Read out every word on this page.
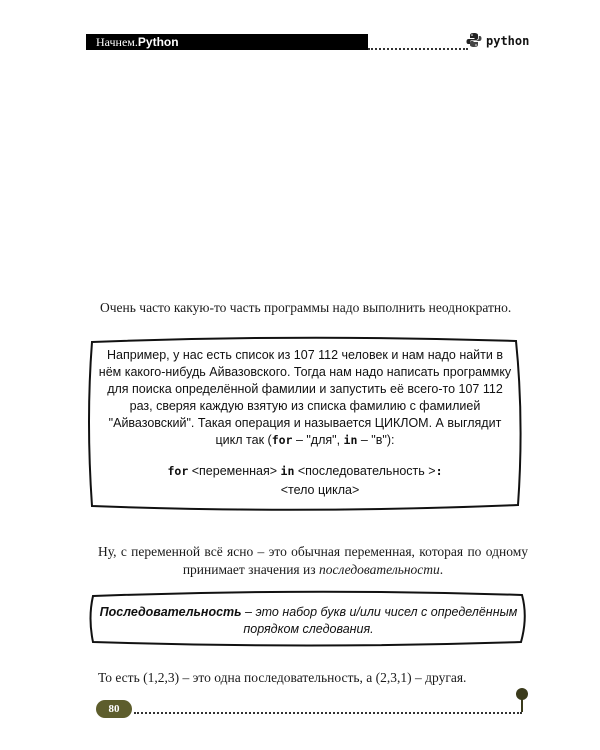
Начнем.Python	python
Очень часто какую-то часть программы надо выполнить неоднократно.
Например, у нас есть список из 107 112 человек и нам надо найти в нём какого-нибудь Айвазовского. Тогда нам надо написать программку для поиска определённой фамилии и запустить её всего-то 107 112 раз, сверяя каждую взятую из списка фамилию с фамилией "Айвазовский". Такая операция и называется ЦИКЛОМ. А выглядит цикл так (for – "для", in – "в"):
for <переменная> in <последовательность >:
<тело цикла>
Ну, с переменной всё ясно – это обычная переменная, которая по одному принимает значения из последовательности.
Последовательность – это набор букв и/или чисел с определённым порядком следования.
То есть (1,2,3) – это одна последовательность, а (2,3,1) – другая.
80
